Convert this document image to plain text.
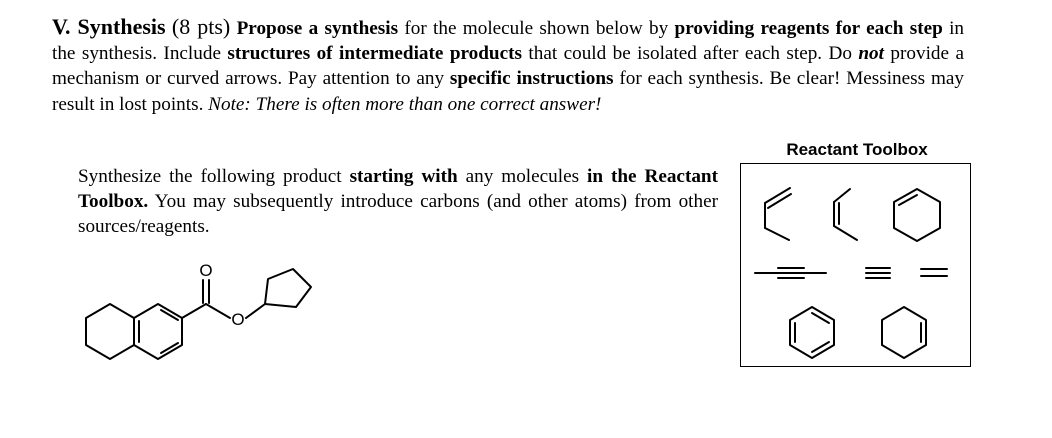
V. Synthesis (8 pts) Propose a synthesis for the molecule shown below by providing reagents for each step in the synthesis. Include structures of intermediate products that could be isolated after each step. Do not provide a mechanism or curved arrows. Pay attention to any specific instructions for each synthesis. Be clear! Messiness may result in lost points. Note: There is often more than one correct answer!

Synthesize the following product starting with any molecules in the Reactant Toolbox. You may subsequently introduce carbons (and other atoms) from other sources/reagents.

Reactant Toolbox
O
O
